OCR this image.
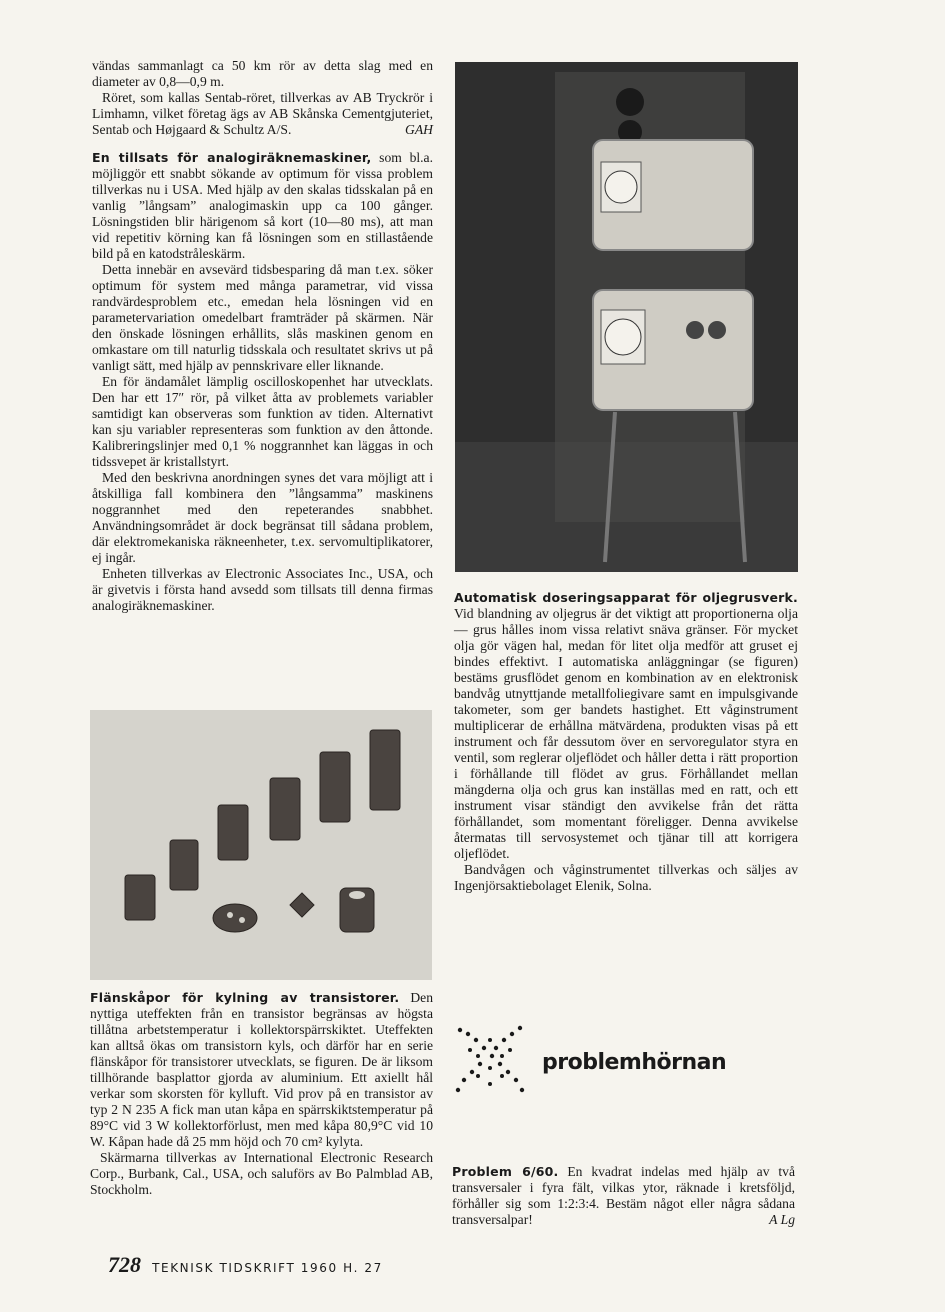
vändas sammanlagt ca 50 km rör av detta slag med en diameter av 0,8—0,9 m.

Röret, som kallas Sentab-röret, tillverkas av AB Tryckrör i Limhamn, vilket företag ägs av AB Skånska Cementgjuteriet, Sentab och Højgaard & Schultz A/S.	GAH

En tillsats för analogiräknemaskiner, som bl.a. möjliggör ett snabbt sökande av optimum för vissa problem tillverkas nu i USA. Med hjälp av den skalas tidsskalan på en vanlig ”långsam” analogimaskin upp ca 100 gånger. Lösningstiden blir härigenom så kort (10—80 ms), att man vid repetitiv körning kan få lösningen som en stillastående bild på en katodstråleskärm.

Detta innebär en avsevärd tidsbesparing då man t.ex. söker optimum för system med många parametrar, vid vissa randvärdesproblem etc., emedan hela lösningen vid en parametervariation omedelbart framträder på skärmen. När den önskade lösningen erhållits, slås maskinen genom en omkastare om till naturlig tidsskala och resultatet skrivs ut på vanligt sätt, med hjälp av pennskrivare eller liknande.

En för ändamålet lämplig oscilloskopenhet har utvecklats. Den har ett 17″ rör, på vilket åtta av problemets variabler samtidigt kan observeras som funktion av tiden. Alternativt kan sju variabler representeras som funktion av den åttonde. Kalibreringslinjer med 0,1 % noggrannhet kan läggas in och tidssvepet är kristallstyrt.

Med den beskrivna anordningen synes det vara möjligt att i åtskilliga fall kombinera den ”långsamma” maskinens noggrannhet med den repeterandes snabbhet. Användningsområdet är dock begränsat till sådana problem, där elektromekaniska räkneenheter, t.ex. servomultiplikatorer, ej ingår.

Enheten tillverkas av Electronic Associates Inc., USA, och är givetvis i första hand avsedd som tillsats till denna firmas analogiräknemaskiner.

Flänskåpor för kylning av transistorer. Den nyttiga uteffekten från en transistor begränsas av högsta tillåtna arbetstemperatur i kollektorspärrskiktet. Uteffekten kan alltså ökas om transistorn kyls, och därför har en serie flänskåpor för transistorer utvecklats, se figuren. De är liksom tillhörande basplattor gjorda av aluminium. Ett axiellt hål verkar som skorsten för kylluft. Vid prov på en transistor av typ 2 N 235 A fick man utan kåpa en spärrskiktstemperatur på 89°C vid 3 W kollektorförlust, men med kåpa 80,9°C vid 10 W. Kåpan hade då 25 mm höjd och 70 cm² kylyta.

Skärmarna tillverkas av International Electronic Research Corp., Burbank, Cal., USA, och saluförs av Bo Palmblad AB, Stockholm.

Automatisk doseringsapparat för oljegrusverk. Vid blandning av oljegrus är det viktigt att proportionerna olja — grus hålles inom vissa relativt snäva gränser. För mycket olja gör vägen hal, medan för litet olja medför att gruset ej bindes effektivt. I automatiska anläggningar (se figuren) bestäms grusflödet genom en kombination av en elektronisk bandvåg utnyttjande metallfoliegivare samt en impulsgivande takometer, som ger bandets hastighet. Ett våginstrument multiplicerar de erhållna mätvärdena, produkten visas på ett instrument och får dessutom över en servoregulator styra en ventil, som reglerar oljeflödet och håller detta i rätt proportion i förhållande till flödet av grus. Förhållandet mellan mängderna olja och grus kan inställas med en ratt, och ett instrument visar ständigt den avvikelse från det rätta förhållandet, som momentant föreligger. Denna avvikelse återmatas till servosystemet och tjänar till att korrigera oljeflödet.

Bandvågen och våginstrumentet tillverkas och säljes av Ingenjörsaktiebolaget Elenik, Solna.

problemhörnan

Problem 6/60. En kvadrat indelas med hjälp av två transversaler i fyra fält, vilkas ytor, räknade i kretsföljd, förhåller sig som 1:2:3:4. Bestäm något eller några sådana transversalpar!	A Lg

728 TEKNISK TIDSKRIFT 1960 H. 27
